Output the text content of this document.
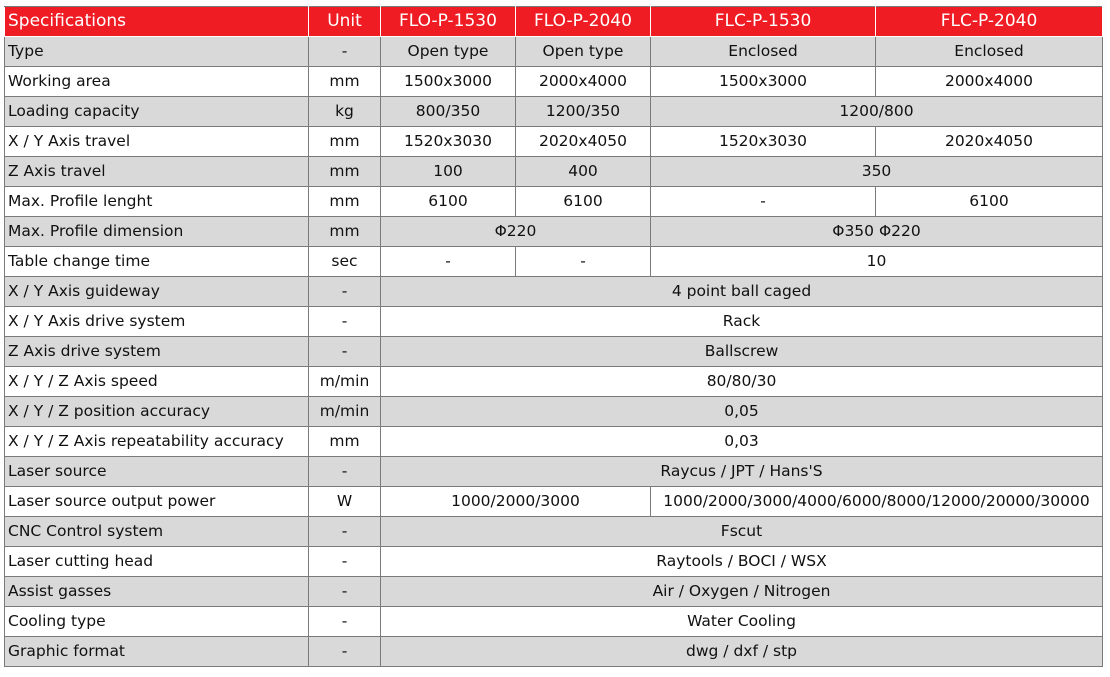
Specifications	Unit	FLO-P-1530	FLO-P-2040	FLC-P-1530	FLC-P-2040
Type	-	Open type	Open type	Enclosed	Enclosed
Working area	mm	1500x3000	2000x4000	1500x3000	2000x4000
Loading capacity	kg	800/350	1200/350	1200/800	
X / Y Axis travel	mm	1520x3030	2020x4050	1520x3030	2020x4050
Z Axis travel	mm	100	400	350	
Max. Profile lenght	mm	6100	6100	-	6100
Max. Profile dimension	mm	Φ220		Φ350 Φ220	
Table change time	sec	-	-	10	
X / Y Axis guideway	-	4 point ball caged			
X / Y Axis drive system	-	Rack			
Z Axis drive system	-	Ballscrew			
X / Y / Z Axis speed	m/min	80/80/30			
X / Y / Z position accuracy	m/min	0,05			
X / Y / Z Axis repeatability accuracy	mm	0,03			
Laser source	-	Raycus / JPT / Hans'S			
Laser source output power	W	1000/2000/3000		1000/2000/3000/4000/6000/8000/12000/20000/30000	
CNC Control system	-	Fscut			
Laser cutting head	-	Raytools / BOCI / WSX			
Assist gasses	-	Air / Oxygen / Nitrogen			
Cooling type	-	Water Cooling			
Graphic format	-	dwg / dxf / stp			
